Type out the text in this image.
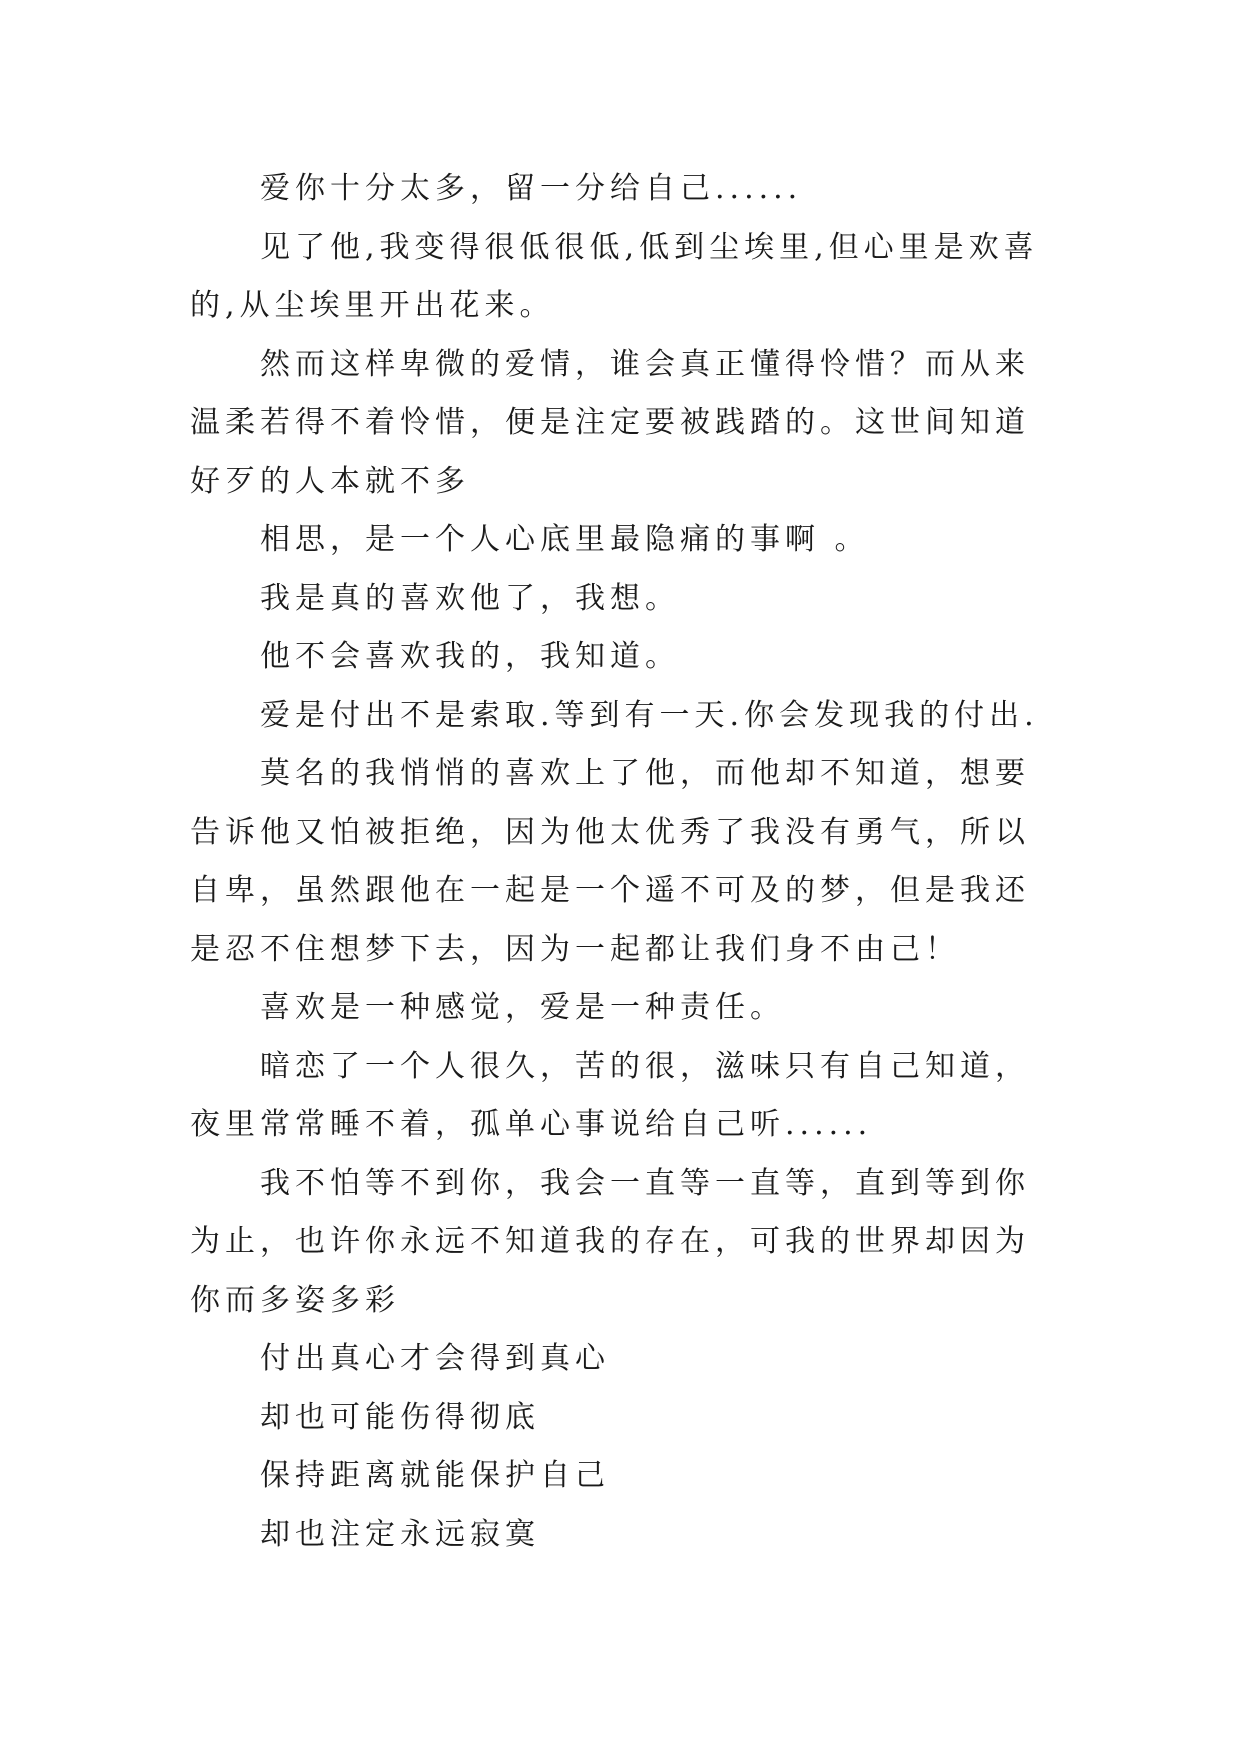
爱你十分太多，留一分给自己......

见了他,我变得很低很低,低到尘埃里,但心里是欢喜的,从尘埃里开出花来。

然而这样卑微的爱情，谁会真正懂得怜惜？而从来温柔若得不着怜惜，便是注定要被践踏的。这世间知道好歹的人本就不多

相思，是一个人心底里最隐痛的事啊 。

我是真的喜欢他了，我想。

他不会喜欢我的，我知道。

爱是付出不是索取.等到有一天.你会发现我的付出.

莫名的我悄悄的喜欢上了他，而他却不知道，想要告诉他又怕被拒绝，因为他太优秀了我没有勇气，所以自卑，虽然跟他在一起是一个遥不可及的梦，但是我还是忍不住想梦下去，因为一起都让我们身不由己！

喜欢是一种感觉，爱是一种责任。

暗恋了一个人很久，苦的很，滋味只有自己知道，夜里常常睡不着，孤单心事说给自己听......

我不怕等不到你，我会一直等一直等，直到等到你为止，也许你永远不知道我的存在，可我的世界却因为你而多姿多彩

付出真心才会得到真心

却也可能伤得彻底

保持距离就能保护自己

却也注定永远寂寞
